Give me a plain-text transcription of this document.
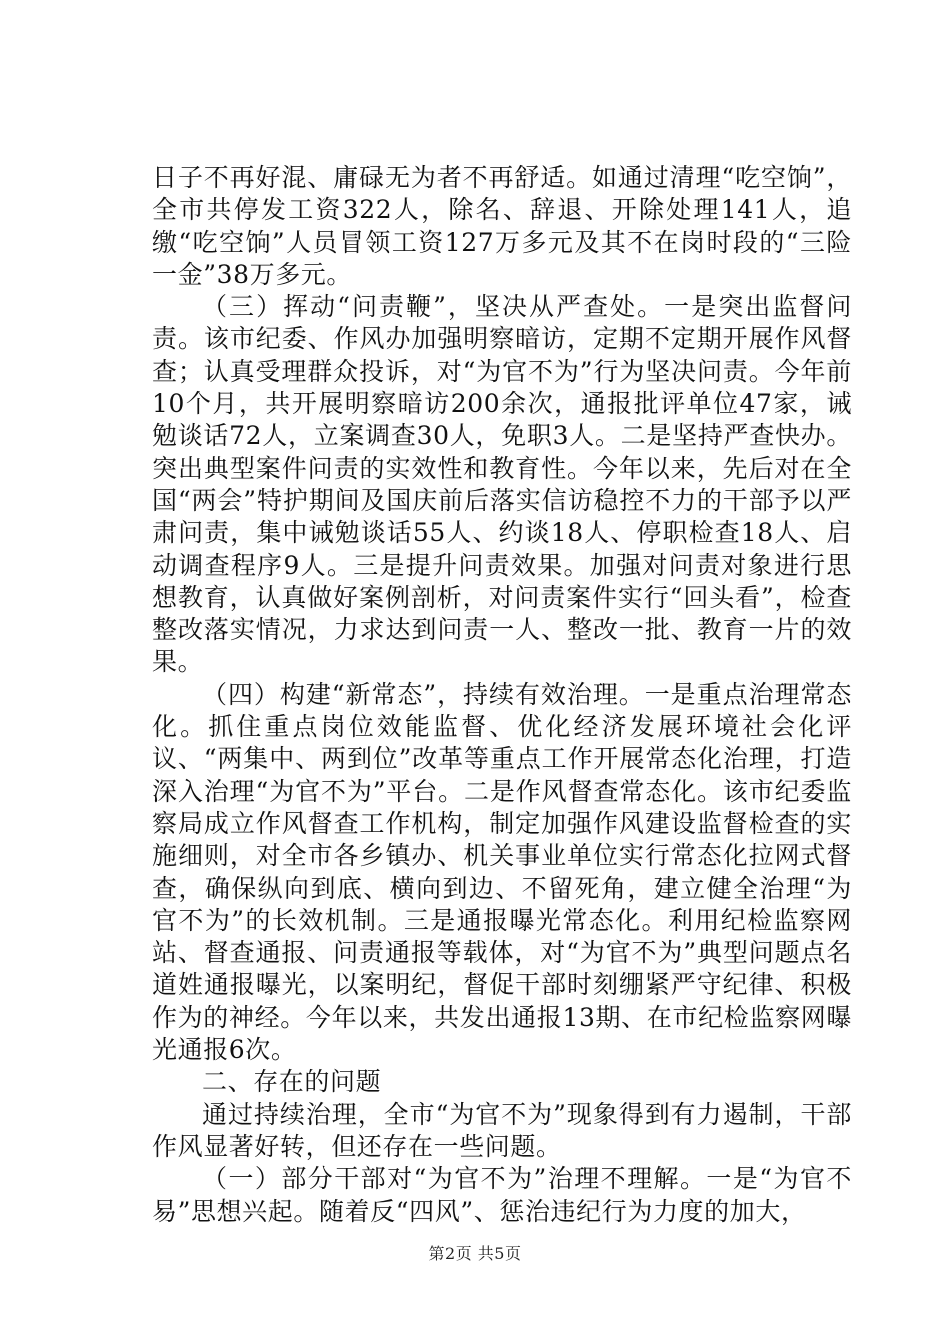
日子不再好混、庸碌无为者不再舒适。如通过清理“吃空饷”，全市共停发工资322人，除名、辞退、开除处理141人，追缴“吃空饷”人员冒领工资127万多元及其不在岗时段的“三险一金”38万多元。

（三）挥动“问责鞭”，坚决从严查处。一是突出监督问责。该市纪委、作风办加强明察暗访，定期不定期开展作风督查；认真受理群众投诉，对“为官不为”行为坚决问责。今年前10个月，共开展明察暗访200余次，通报批评单位47家，诫勉谈话72人，立案调查30人，免职3人。二是坚持严查快办。突出典型案件问责的实效性和教育性。今年以来，先后对在全国“两会”特护期间及国庆前后落实信访稳控不力的干部予以严肃问责，集中诫勉谈话55人、约谈18人、停职检查18人、启动调查程序9人。三是提升问责效果。加强对问责对象进行思想教育，认真做好案例剖析，对问责案件实行“回头看”，检查整改落实情况，力求达到问责一人、整改一批、教育一片的效果。

（四）构建“新常态”，持续有效治理。一是重点治理常态化。抓住重点岗位效能监督、优化经济发展环境社会化评议、“两集中、两到位”改革等重点工作开展常态化治理，打造深入治理“为官不为”平台。二是作风督查常态化。该市纪委监察局成立作风督查工作机构，制定加强作风建设监督检查的实施细则，对全市各乡镇办、机关事业单位实行常态化拉网式督查，确保纵向到底、横向到边、不留死角，建立健全治理“为官不为”的长效机制。三是通报曝光常态化。利用纪检监察网站、督查通报、问责通报等载体，对“为官不为”典型问题点名道姓通报曝光，以案明纪，督促干部时刻绷紧严守纪律、积极作为的神经。今年以来，共发出通报13期、在市纪检监察网曝光通报6次。

二、存在的问题

通过持续治理，全市“为官不为”现象得到有力遏制，干部作风显著好转，但还存在一些问题。

（一）部分干部对“为官不为”治理不理解。一是“为官不易”思想兴起。随着反“四风”、惩治违纪行为力度的加大，

第2页 共5页
